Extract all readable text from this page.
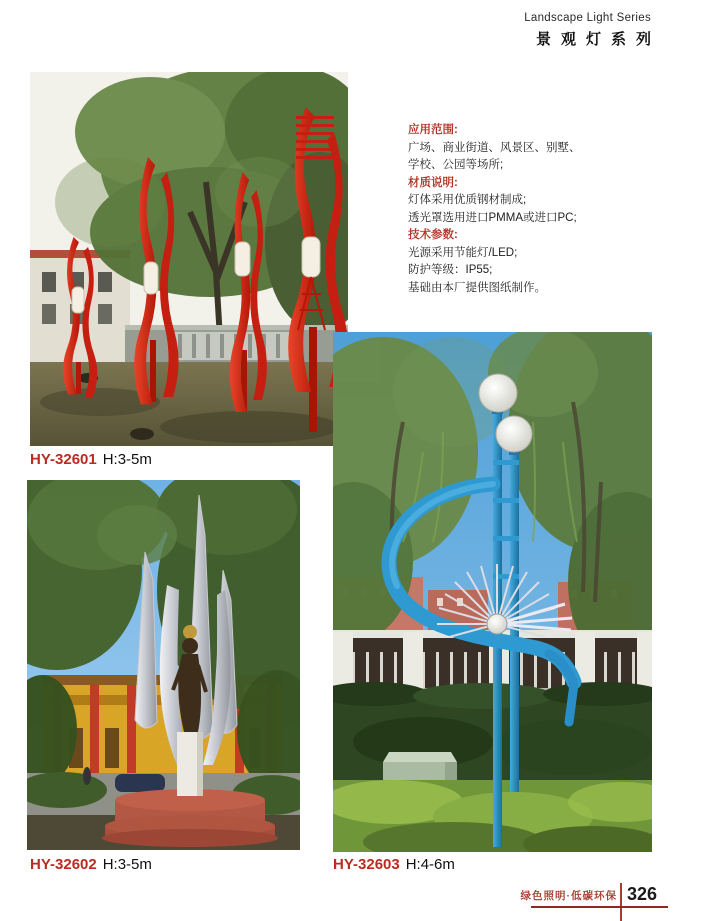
Landscape Light Series
景观灯系列
HY-32601 H:3-5m
HY-32602 H:3-5m	HY-32603 H:4-6m
应用范围:
广场、商业街道、风景区、别墅、
学校、公园等场所;
材质说明:
灯体采用优质钢材制成;
透光罩选用进口PMMA或进口PC;
技术参数:
光源采用节能灯/LED;
防护等级：IP55;
基础由本厂提供图纸制作。
绿色照明·低碳环保 326
